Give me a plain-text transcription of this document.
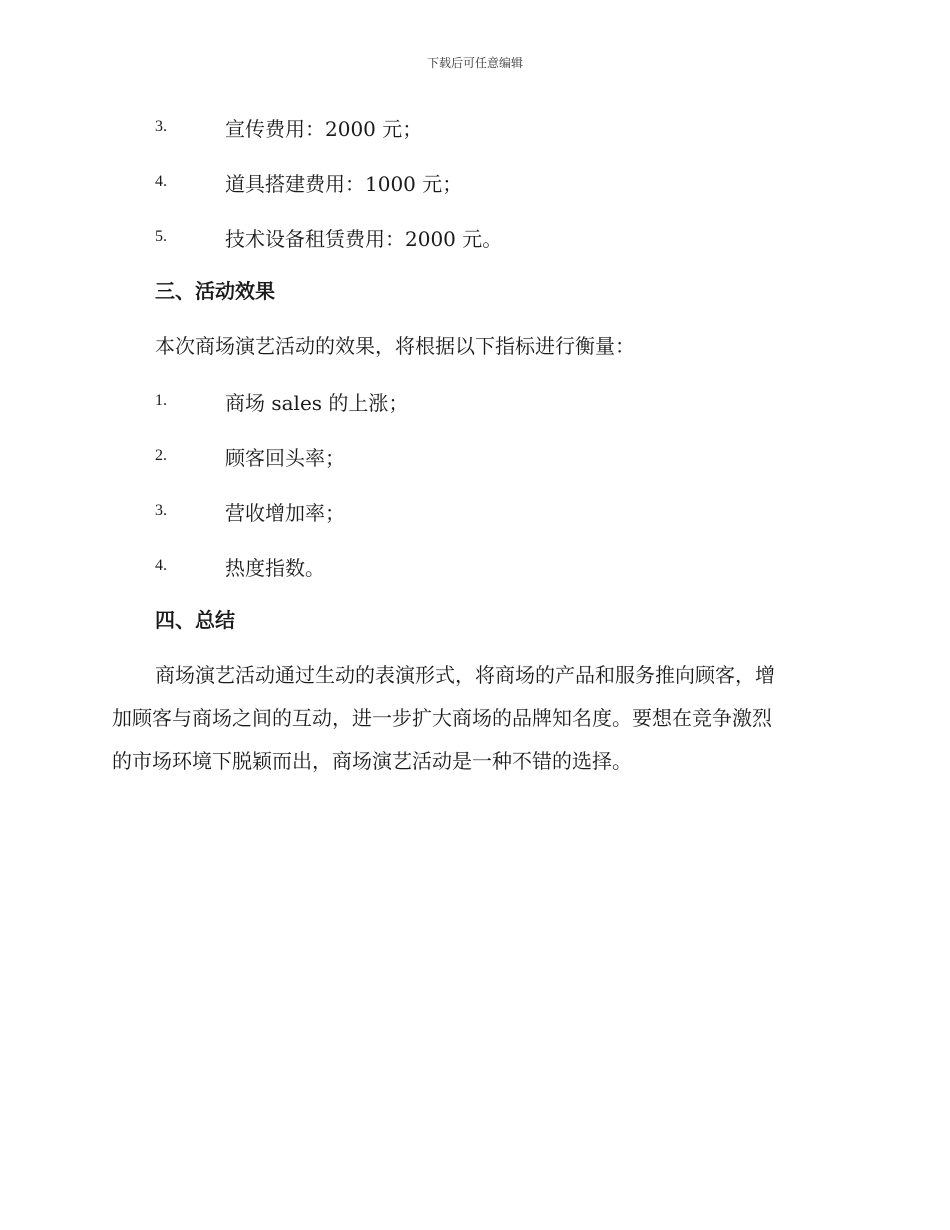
下载后可任意编辑
3.	宣传费用：2000 元；
4.	道具搭建费用：1000 元；
5.	技术设备租赁费用：2000 元。
三、活动效果
本次商场演艺活动的效果，将根据以下指标进行衡量：
1.	商场 sales 的上涨；
2.	顾客回头率；
3.	营收增加率；
4.	热度指数。
四、总结
商场演艺活动通过生动的表演形式，将商场的产品和服务推向顾客，增
加顾客与商场之间的互动，进一步扩大商场的品牌知名度。要想在竞争激烈
的市场环境下脱颖而出，商场演艺活动是一种不错的选择。
